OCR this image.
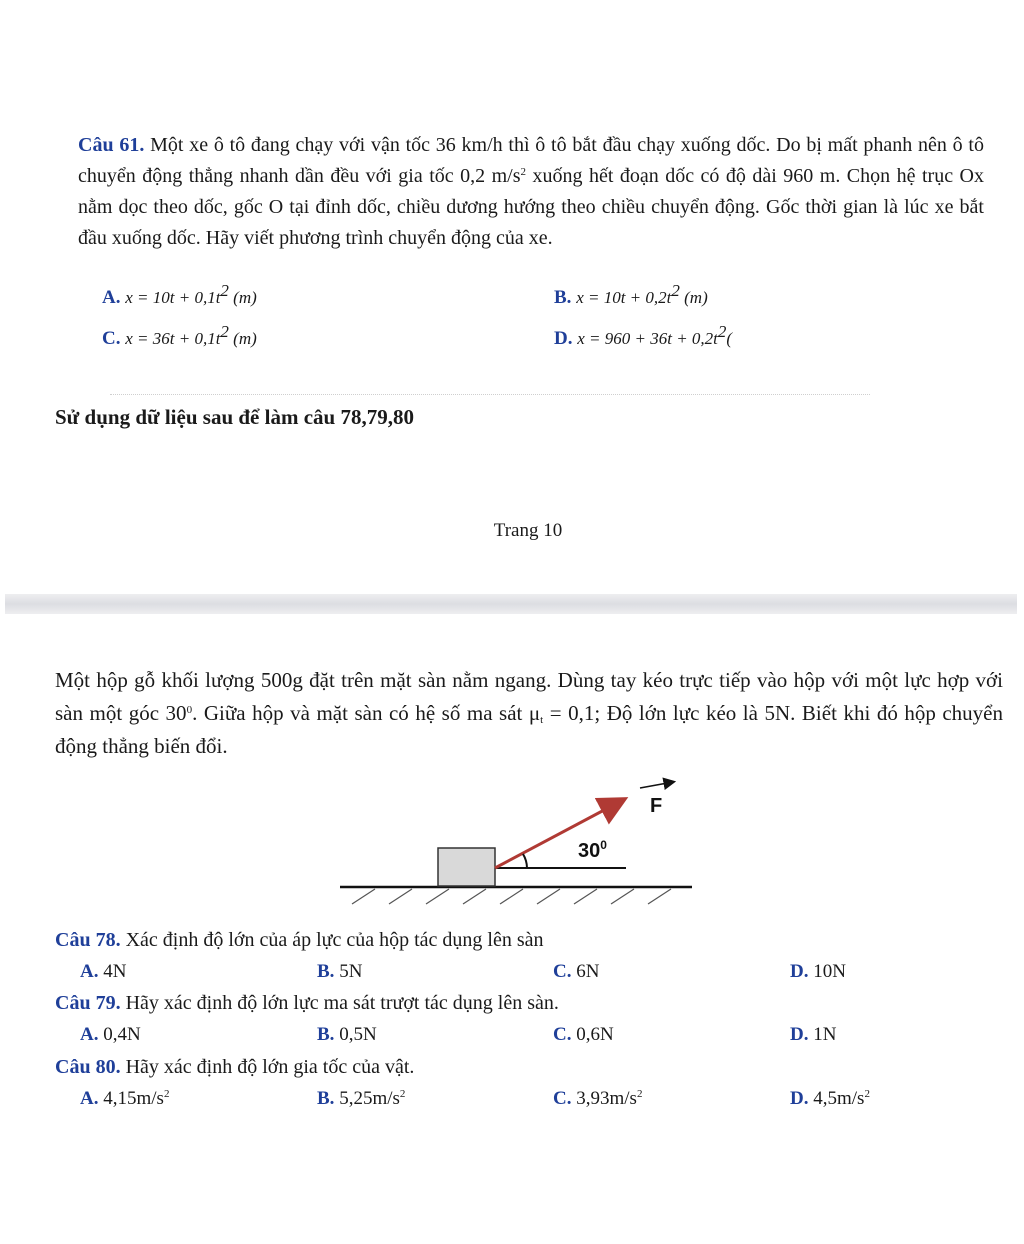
Câu 61. Một xe ô tô đang chạy với vận tốc 36 km/h thì ô tô bắt đầu chạy xuống dốc. Do bị mất phanh nên ô tô chuyển động thẳng nhanh dần đều với gia tốc 0,2 $m/s^2$ xuống hết đoạn dốc có độ dài 960 m. Chọn hệ trục Ox nằm dọc theo dốc, gốc O tại đỉnh dốc, chiều dương hướng theo chiều chuyển động. Gốc thời gian là lúc xe bắt đầu xuống dốc. Hãy viết phương trình chuyển động của xe.
A. $x = 10t + 0,1t^2$ (m)	B. $x = 10t + 0,2t^2$ (m)
C. $x = 36t + 0,1t^2$ (m)	D. $x = 960 + 36t + 0,2t^2$(
Sử dụng dữ liệu sau để làm câu 78,79,80
Trang 10
Một hộp gỗ khối lượng 500g đặt trên mặt sàn nằm ngang. Dùng tay kéo trực tiếp vào hộp với một lực hợp với sàn một góc $30^0$. Giữa hộp và mặt sàn có hệ số ma sát $\mu_t = 0,1$; Độ lớn lực kéo là 5N. Biết khi đó hộp chuyển động thẳng biến đổi.
F
$30^0$
Câu 78. Xác định độ lớn của áp lực của hộp tác dụng lên sàn
A. 4N	B. 5N	C. 6N	D. 10N
Câu 79. Hãy xác định độ lớn lực ma sát trượt tác dụng lên sàn.
A. 0,4N	B. 0,5N	C. 0,6N	D. 1N
Câu 80. Hãy xác định độ lớn gia tốc của vật.
A. $4,15m/s^2$	B. $5,25m/s^2$	C. $3,93m/s^2$	D. $4,5m/s^2$
